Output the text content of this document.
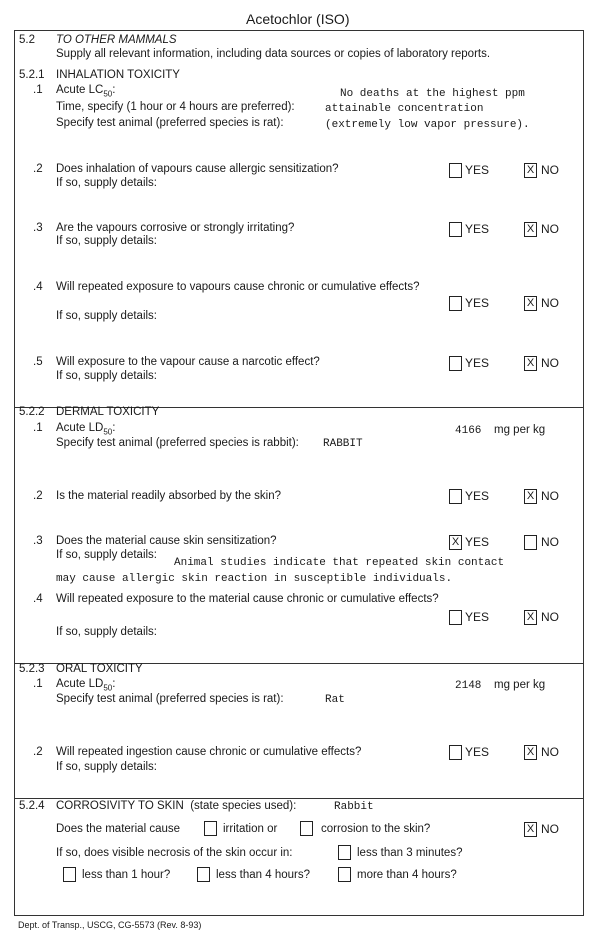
Acetochlor (ISO)
5.2 TO OTHER MAMMALS
Supply all relevant information, including data sources or copies of laboratory reports.
5.2.1 INHALATION TOXICITY
.1 Acute $LC_{50}$:
Time, specify (1 hour or 4 hours are preferred):
Specify test animal (preferred species is rat):
No deaths at the highest ppm
attainable concentration
(extremely low vapor pressure).
.2 Does inhalation of vapours cause allergic sensitization?
If so, supply details:
YES	X NO
.3 Are the vapours corrosive or strongly irritating?
If so, supply details:
YES	X NO
.4 Will repeated exposure to vapours cause chronic or cumulative effects?
If so, supply details:
YES	X NO
.5 Will exposure to the vapour cause a narcotic effect?
If so, supply details:
YES	X NO
5.2.2 DERMAL TOXICITY
.1 Acute $LD_{50}$:
Specify test animal (preferred species is rabbit): RABBIT
4166 mg per kg
.2 Is the material readily absorbed by the skin?	YES	X NO
.3 Does the material cause skin sensitization?
If so, supply details:
Animal studies indicate that repeated skin contact
may cause allergic skin reaction in susceptible individuals.
X YES	NO
.4 Will repeated exposure to the material cause chronic or cumulative effects?
If so, supply details:
YES	X NO
5.2.3 ORAL TOXICITY
.1 Acute $LD_{50}$:
Specify test animal (preferred species is rat):	Rat
2148 mg per kg
.2 Will repeated ingestion cause chronic or cumulative effects?
If so, supply details:
YES	X NO
5.2.4 CORROSIVITY TO SKIN (state species used):	Rabbit
Does the material cause	irritation or	corrosion to the skin?	X NO
If so, does visible necrosis of the skin occur in:	less than 3 minutes?
less than 1 hour?	less than 4 hours?	more than 4 hours?
Dept. of Transp., USCG, CG-5573 (Rev. 8-93)
